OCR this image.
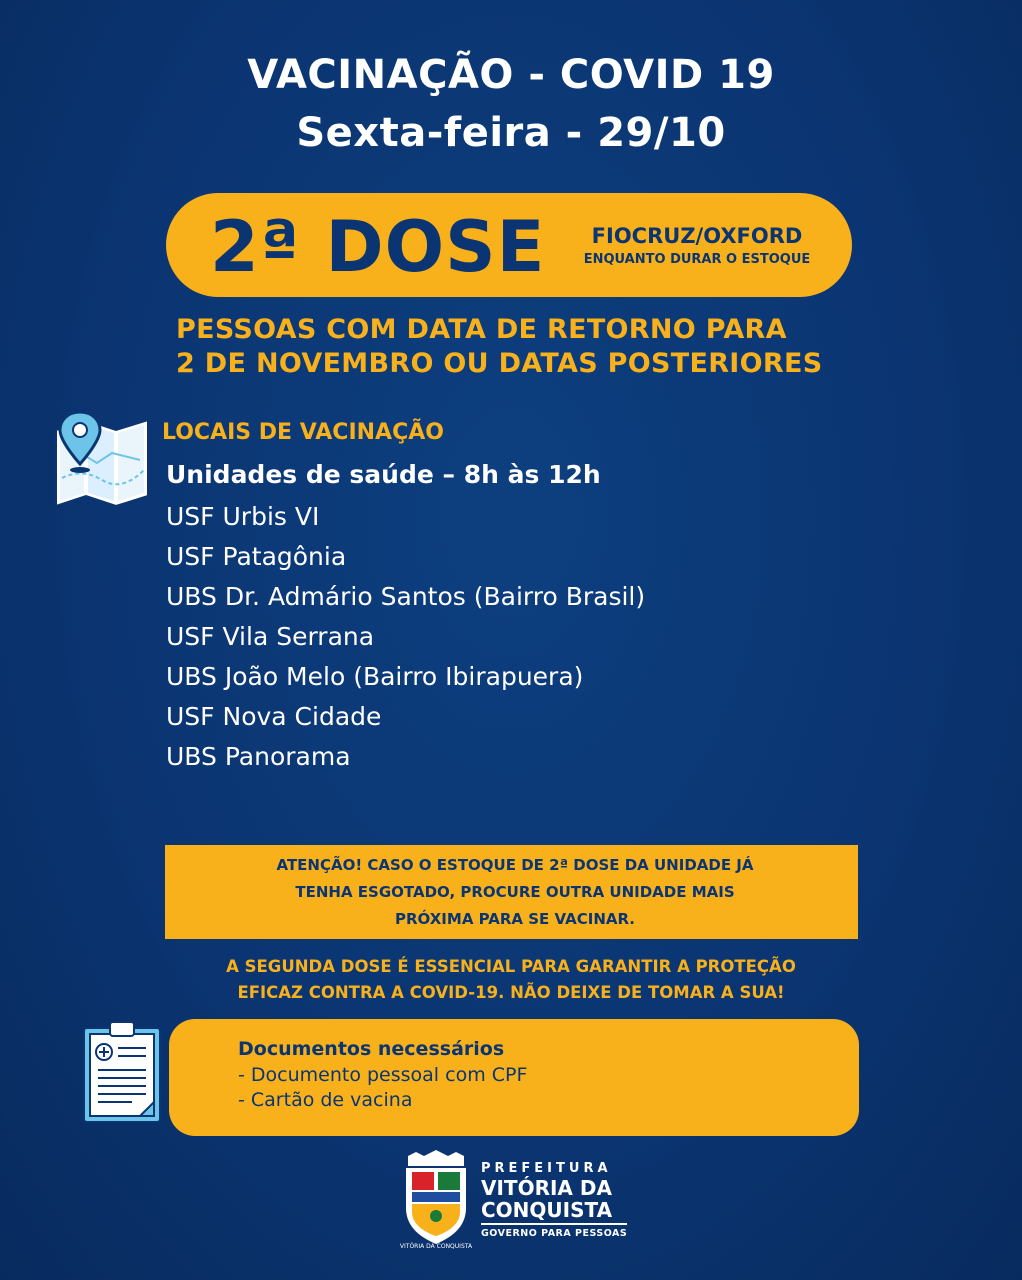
VACINAÇÃO - COVID 19
Sexta-feira - 29/10
2ª DOSE	FIOCRUZ/OXFORD
ENQUANTO DURAR O ESTOQUE
PESSOAS COM DATA DE RETORNO PARA
2 DE NOVEMBRO OU DATAS POSTERIORES
LOCAIS DE VACINAÇÃO
Unidades de saúde – 8h às 12h
USF Urbis VI
USF Patagônia
UBS Dr. Admário Santos (Bairro Brasil)
USF Vila Serrana
UBS João Melo (Bairro Ibirapuera)
USF Nova Cidade
UBS Panorama
ATENÇÃO! CASO O ESTOQUE DE 2ª DOSE DA UNIDADE JÁ
TENHA ESGOTADO, PROCURE OUTRA UNIDADE MAIS
PRÓXIMA PARA SE VACINAR.
A SEGUNDA DOSE É ESSENCIAL PARA GARANTIR A PROTEÇÃO
EFICAZ CONTRA A COVID-19. NÃO DEIXE DE TOMAR A SUA!
Documentos necessários
- Documento pessoal com CPF
- Cartão de vacina
VITÓRIA DA CONQUISTA
PREFEITURA
VITÓRIA DA
CONQUISTA
GOVERNO PARA PESSOAS
